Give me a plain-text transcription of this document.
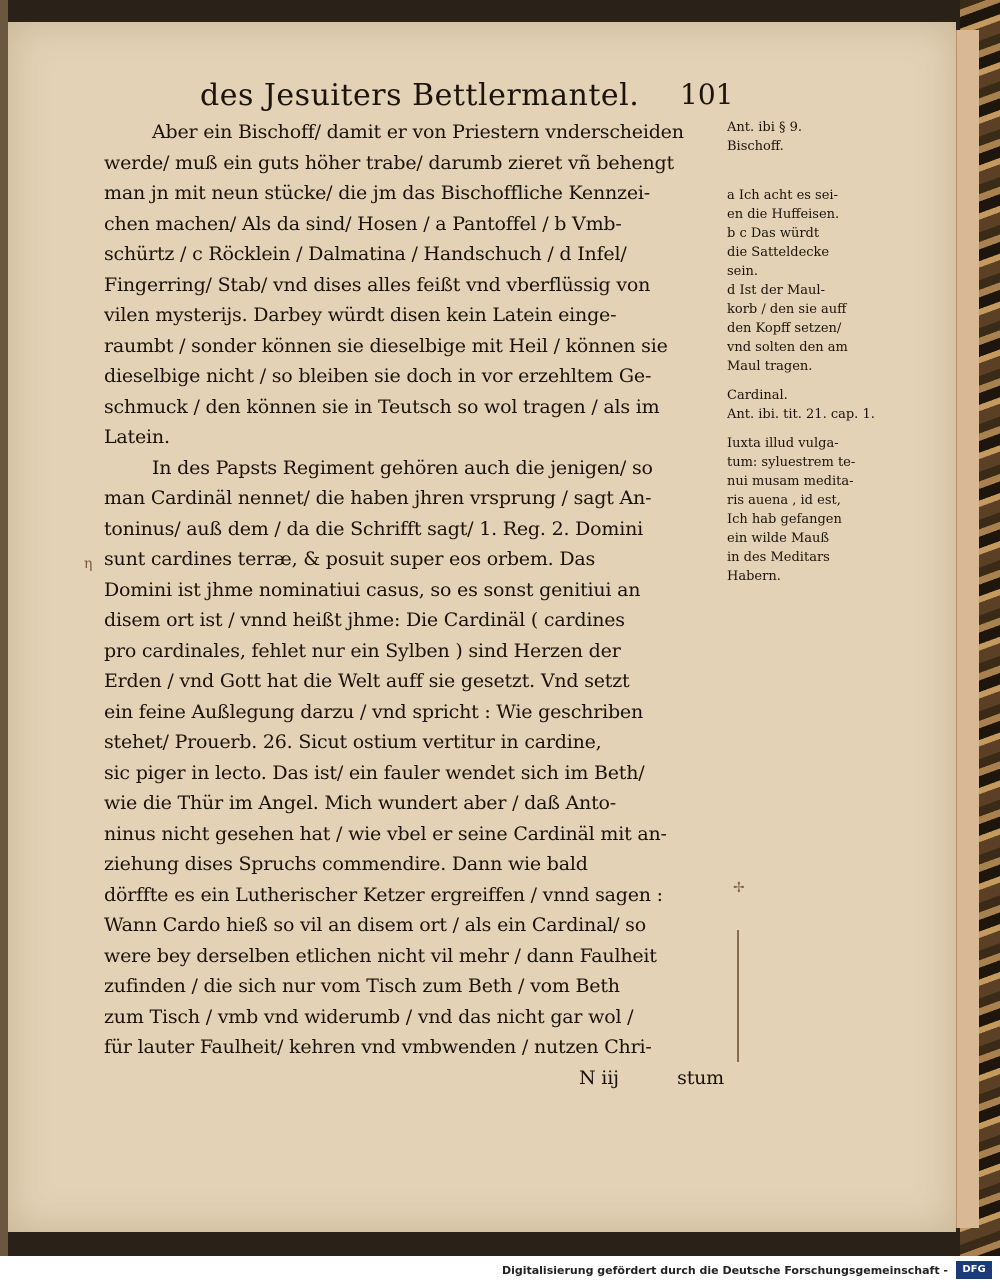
des Jesuiters Bettlermantel. 101
η
Aber ein Bischoff/ damit er von Priestern vnderscheiden
werde/ muß ein guts höher trabe/ darumb zieret vñ behengt
man jn mit neun stücke/ die jm das Bischoffliche Kennzei-
chen machen/ Als da sind/ Hosen / a Pantoffel / b Vmb-
schürtz / c Röcklein / Dalmatina / Handschuch / d Infel/
Fingerring/ Stab/ vnd dises alles feißt vnd vberflüssig von
vilen mysterijs. Darbey würdt disen kein Latein einge-
raumbt / sonder können sie dieselbige mit Heil / können sie
dieselbige nicht / so bleiben sie doch in vor erzehltem Ge-
schmuck / den können sie in Teutsch so wol tragen / als im
Latein.
In des Papsts Regiment gehören auch die jenigen/ so
man Cardinäl nennet/ die haben jhren vrsprung / sagt An-
toninus/ auß dem / da die Schrifft sagt/ 1. Reg. 2. Domini
sunt cardines terræ, & posuit super eos orbem. Das
Domini ist jhme nominatiui casus, so es sonst genitiui an
disem ort ist / vnnd heißt jhme: Die Cardinäl ( cardines
pro cardinales, fehlet nur ein Sylben ) sind Herzen der
Erden / vnd Gott hat die Welt auff sie gesetzt. Vnd setzt
ein feine Außlegung darzu / vnd spricht : Wie geschriben
stehet/ Prouerb. 26. Sicut ostium vertitur in cardine,
sic piger in lecto. Das ist/ ein fauler wendet sich im Beth/
wie die Thür im Angel. Mich wundert aber / daß Anto-
ninus nicht gesehen hat / wie vbel er seine Cardinäl mit an-
ziehung dises Spruchs commendire. Dann wie bald
dörffte es ein Lutherischer Ketzer ergreiffen / vnnd sagen :
Wann Cardo hieß so vil an disem ort / als ein Cardinal/ so
were bey derselben etlichen nicht vil mehr / dann Faulheit
zufinden / die sich nur vom Tisch zum Beth / vom Beth
zum Tisch / vmb vnd widerumb / vnd das nicht gar wol /
für lauter Faulheit/ kehren vnd vmbwenden / nutzen Chri-
N iij          stum
Ant. ibi § 9.
Bischoff.
a Ich acht es sei-
en die Huffeisen.
b c Das würdt
die Satteldecke
sein.
d Ist der Maul-
korb / den sie auff
den Kopff setzen/
vnd solten den am
Maul tragen.
Cardinal.
Ant. ibi. tit. 21. cap. 1.
Iuxta illud vulga-
tum: syluestrem te-
nui musam medita-
ris auena , id est,
Ich hab gefangen
ein wilde Mauß
in des Meditars
Habern.
✢
Digitalisierung gefördert durch die Deutsche Forschungsgemeinschaft -	DFG
